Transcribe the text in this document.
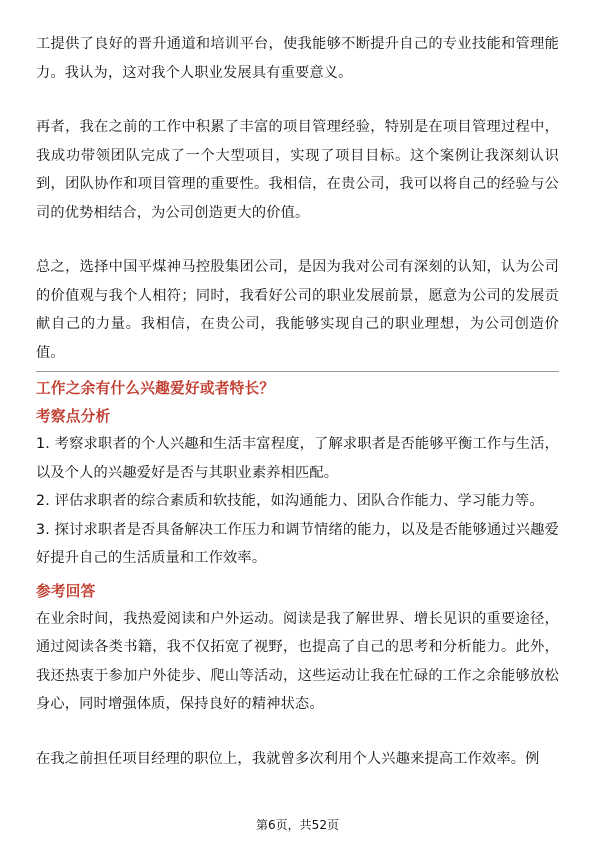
工提供了良好的晋升通道和培训平台，使我能够不断提升自己的专业技能和管理能力。我认为，这对我个人职业发展具有重要意义。

再者，我在之前的工作中积累了丰富的项目管理经验，特别是在项目管理过程中，我成功带领团队完成了一个大型项目，实现了项目目标。这个案例让我深刻认识到，团队协作和项目管理的重要性。我相信，在贵公司，我可以将自己的经验与公司的优势相结合，为公司创造更大的价值。

总之，选择中国平煤神马控股集团公司，是因为我对公司有深刻的认知，认为公司的价值观与我个人相符；同时，我看好公司的职业发展前景，愿意为公司的发展贡献自己的力量。我相信，在贵公司，我能够实现自己的职业理想，为公司创造价值。

工作之余有什么兴趣爱好或者特长？
考察点分析
1. 考察求职者的个人兴趣和生活丰富程度，了解求职者是否能够平衡工作与生活，以及个人的兴趣爱好是否与其职业素养相匹配。
2. 评估求职者的综合素质和软技能，如沟通能力、团队合作能力、学习能力等。
3. 探讨求职者是否具备解决工作压力和调节情绪的能力，以及是否能够通过兴趣爱好提升自己的生活质量和工作效率。
参考回答

在业余时间，我热爱阅读和户外运动。阅读是我了解世界、增长见识的重要途径，通过阅读各类书籍，我不仅拓宽了视野，也提高了自己的思考和分析能力。此外，我还热衷于参加户外徒步、爬山等活动，这些运动让我在忙碌的工作之余能够放松身心，同时增强体质，保持良好的精神状态。

在我之前担任项目经理的职位上，我就曾多次利用个人兴趣来提高工作效率。例

第6页，共52页
